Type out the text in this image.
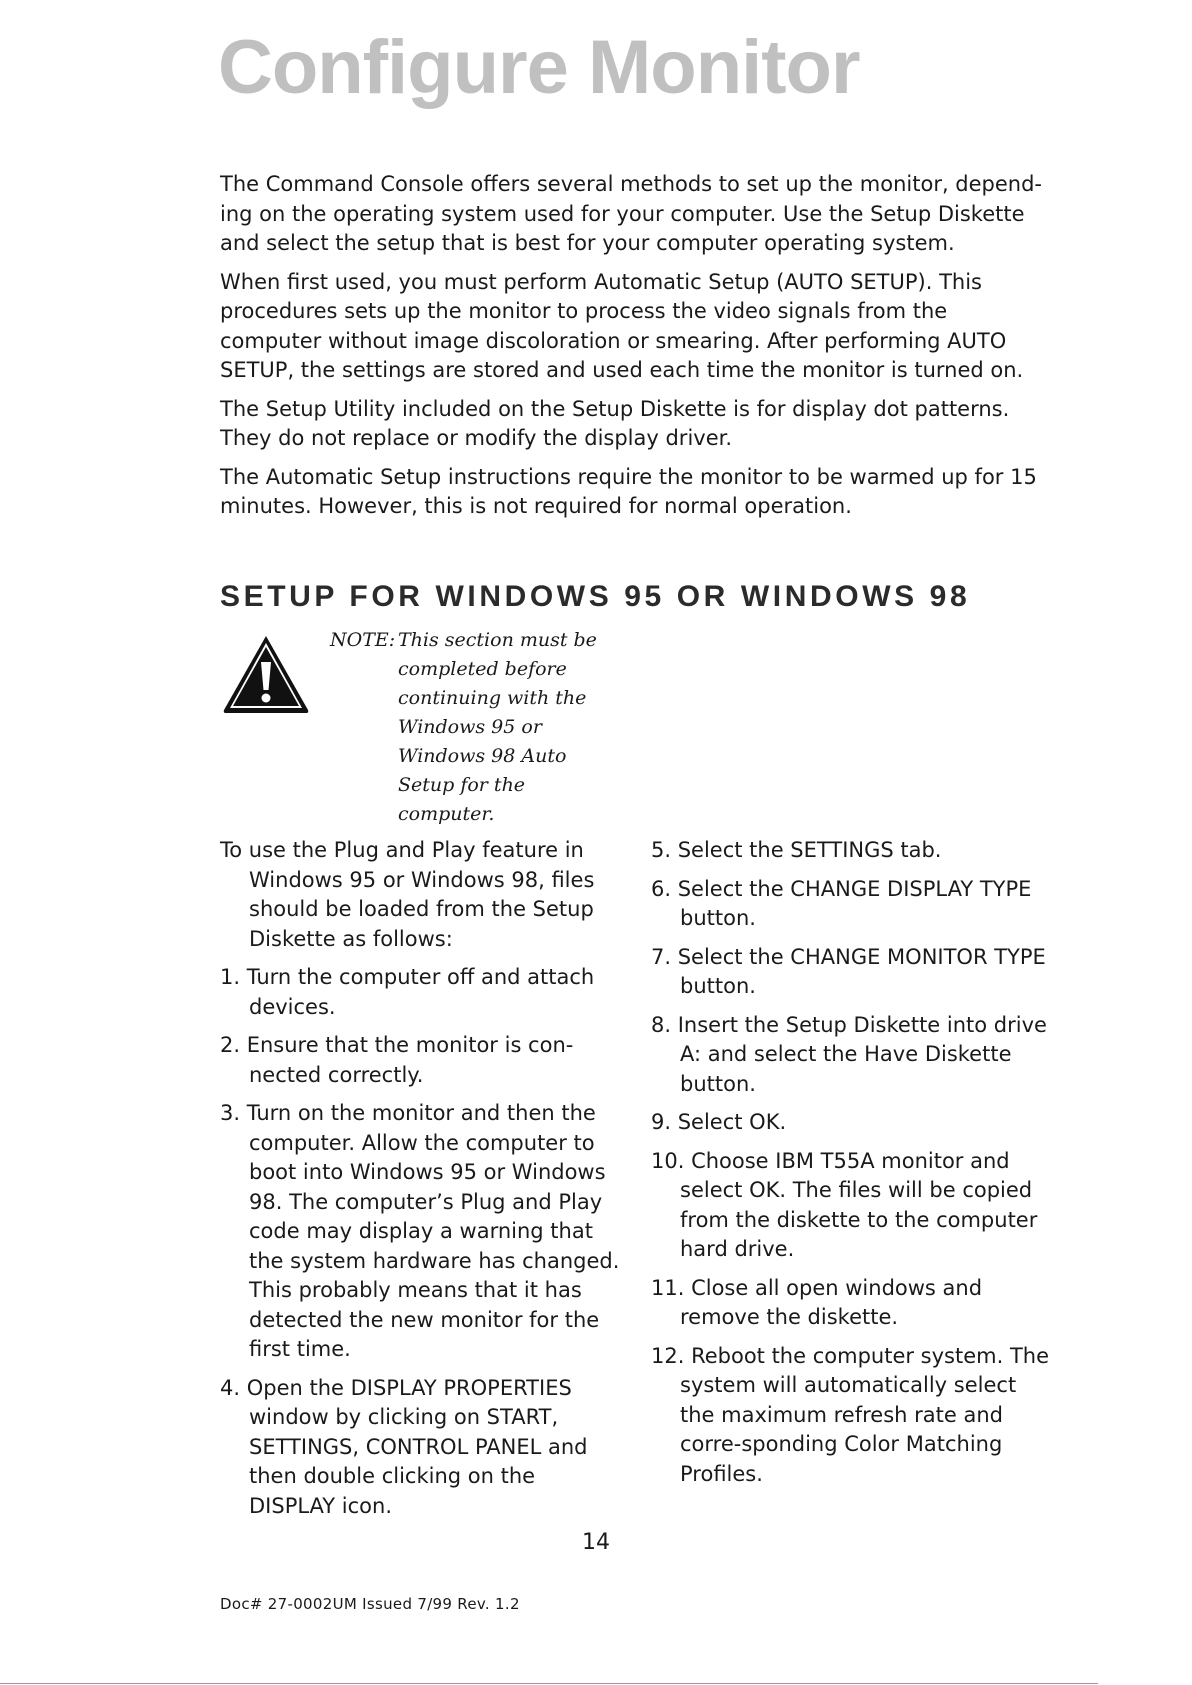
Configure Monitor

The Command Console offers several methods to set up the monitor, depend-ing on the operating system used for your computer. Use the Setup Diskette and select the setup that is best for your computer operating system.

When first used, you must perform Automatic Setup (AUTO SETUP). This procedures sets up the monitor to process the video signals from the computer without image discoloration or smearing. After performing AUTO SETUP, the settings are stored and used each time the monitor is turned on.

The Setup Utility included on the Setup Diskette is for display dot patterns. They do not replace or modify the display driver.

The Automatic Setup instructions require the monitor to be warmed up for 15 minutes. However, this is not required for normal operation.

SETUP FOR WINDOWS 95 OR WINDOWS 98
NOTE: This section must be completed before continuing with the Windows 95 or Windows 98 Auto Setup for the computer.

To use the Plug and Play feature in Windows 95 or Windows 98, files should be loaded from the Setup Diskette as follows:

1. Turn the computer off and attach devices.

2. Ensure that the monitor is con-nected correctly.

3. Turn on the monitor and then the computer. Allow the computer to boot into Windows 95 or Windows 98. The computer’s Plug and Play code may display a warning that the system hardware has changed. This probably means that it has detected the new monitor for the first time.

4. Open the DISPLAY PROPERTIES window by clicking on START, SETTINGS, CONTROL PANEL and then double clicking on the DISPLAY icon.

5. Select the SETTINGS tab.

6. Select the CHANGE DISPLAY TYPE button.

7. Select the CHANGE MONITOR TYPE button.

8. Insert the Setup Diskette into drive A: and select the Have Diskette button.

9. Select OK.

10. Choose IBM T55A monitor and select OK. The files will be copied from the diskette to the computer hard drive.

11. Close all open windows and remove the diskette.

12. Reboot the computer system. The system will automatically select the maximum refresh rate and corre-sponding Color Matching Profiles.

14
Doc# 27-0002UM Issued 7/99 Rev. 1.2
